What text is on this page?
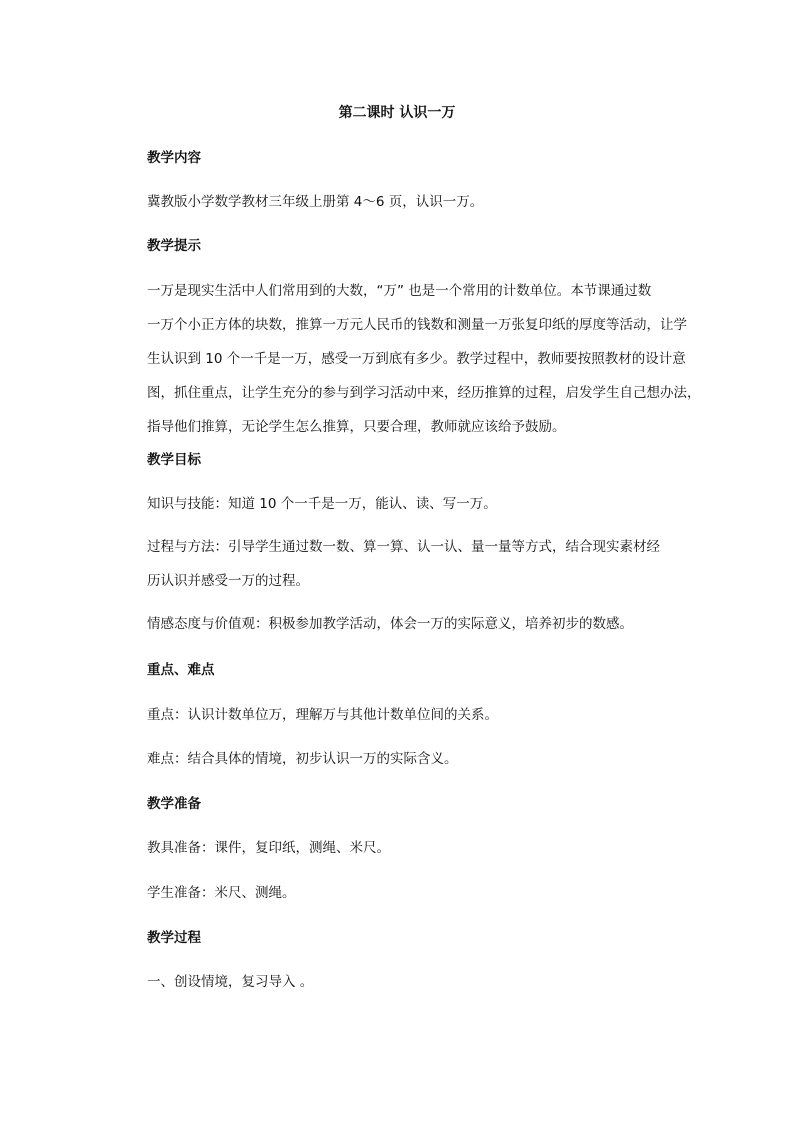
第二课时 认识一万
教学内容
冀教版小学数学教材三年级上册第 4～6 页，认识一万。
教学提示
一万是现实生活中人们常用到的大数，“万” 也是一个常用的计数单位。本节课通过数
一万个小正方体的块数，推算一万元人民币的钱数和测量一万张复印纸的厚度等活动，让学
生认识到 10 个一千是一万，感受一万到底有多少。教学过程中，教师要按照教材的设计意
图，抓住重点，让学生充分的参与到学习活动中来，经历推算的过程，启发学生自己想办法，
指导他们推算，无论学生怎么推算，只要合理，教师就应该给予鼓励。
教学目标
知识与技能：知道 10 个一千是一万，能认、读、写一万。
过程与方法：引导学生通过数一数、算一算、认一认、量一量等方式，结合现实素材经
历认识并感受一万的过程。
情感态度与价值观：积极参加教学活动，体会一万的实际意义，培养初步的数感。
重点、难点
重点：认识计数单位万，理解万与其他计数单位间的关系。
难点：结合具体的情境，初步认识一万的实际含义。
教学准备
教具准备：课件，复印纸，测绳、米尺。
学生准备：米尺、测绳。
教学过程
一、创设情境，复习导入 。
